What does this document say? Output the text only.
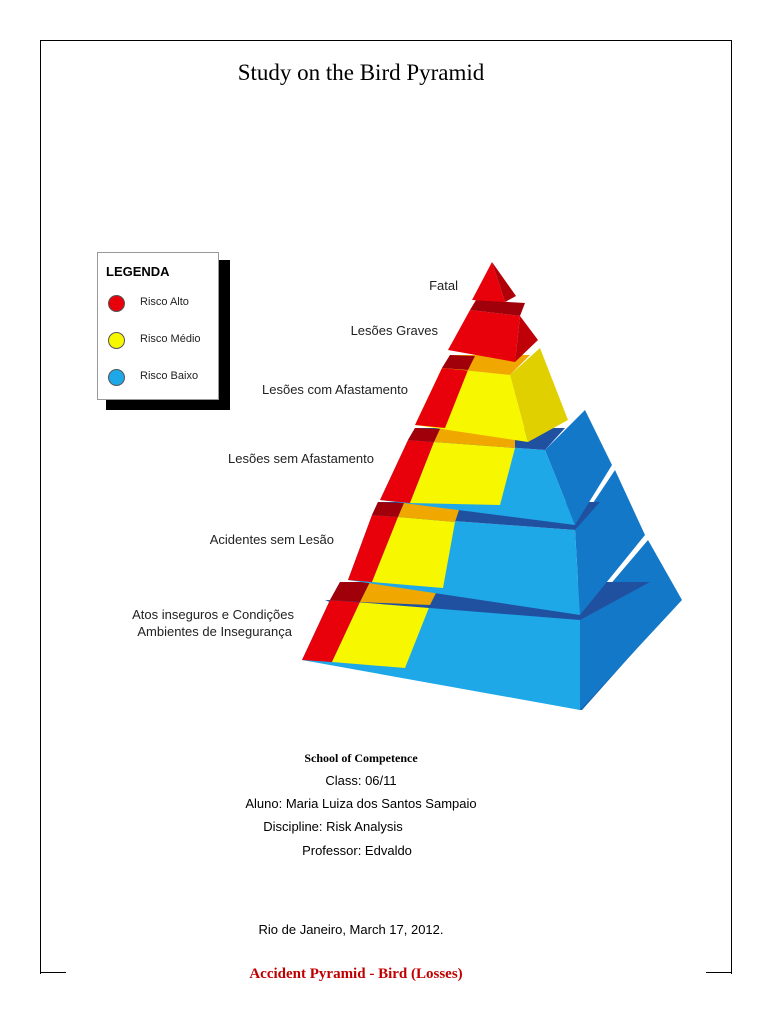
Study on the Bird Pyramid
LEGENDA
Risco Alto
Risco Médio
Risco Baixo
Fatal
Lesões Graves
Lesões com Afastamento
Lesões sem Afastamento
Acidentes sem Lesão
Atos inseguros e Condições
Ambientes de Insegurança
School of Competence
Class: 06/11
Aluno: Maria Luiza dos Santos Sampaio
Discipline: Risk Analysis
Professor: Edvaldo
Rio de Janeiro, March 17, 2012.
Accident Pyramid - Bird (Losses)
